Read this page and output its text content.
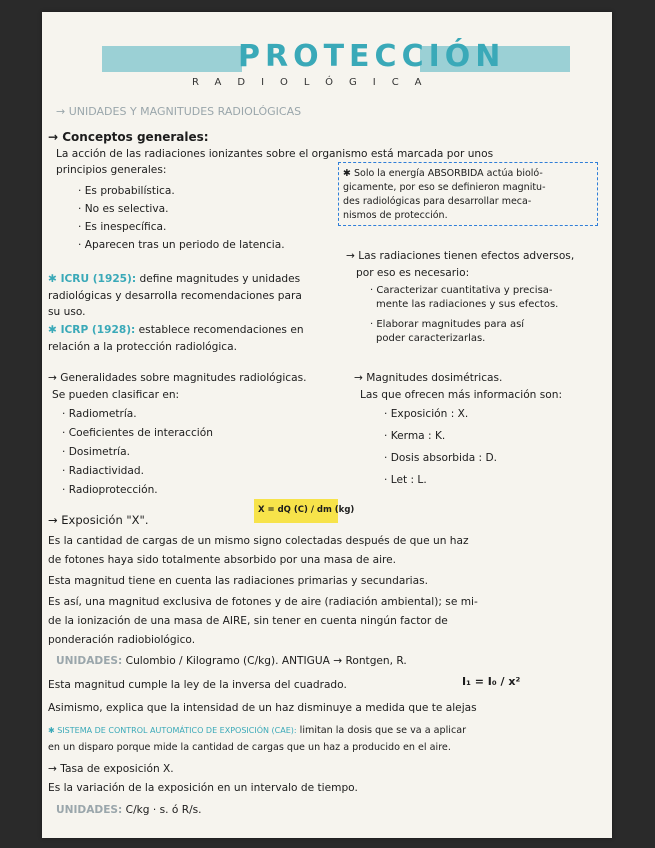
PROTECCIÓN
RADIOLÓGICA
→ UNIDADES Y MAGNITUDES RADIOLÓGICAS
→ Conceptos generales:
La acción de las radiaciones ionizantes sobre el organismo está marcada por unos
principios generales:
· Es probabilística.
· No es selectiva.
· Es inespecífica.
· Aparecen tras un periodo de latencia.
✱ Solo la energía ABSORBIDA actúa bioló-
gicamente, por eso se definieron magnitu-
des radiológicas para desarrollar meca-
nismos de protección.
→ Las radiaciones tienen efectos adversos,
por eso es necesario:
· Caracterizar cuantitativa y precisa-
mente las radiaciones y sus efectos.
· Elaborar magnitudes para así
poder caracterizarlas.
✱ ICRU (1925): define magnitudes y unidades
radiológicas y desarrolla recomendaciones para
su uso.
✱ ICRP (1928): establece recomendaciones en
relación a la protección radiológica.
→ Generalidades sobre magnitudes radiológicas.
Se pueden clasificar en:
· Radiometría.
· Coeficientes de interacción
· Dosimetría.
· Radiactividad.
· Radioprotección.
→ Magnitudes dosimétricas.
Las que ofrecen más información son:
· Exposición : X.
· Kerma : K.
· Dosis absorbida : D.
· Let : L.
→ Exposición "X".
X = dQ (C) / dm (kg)
Es la cantidad de cargas de un mismo signo colectadas después de que un haz
de fotones haya sido totalmente absorbido por una masa de aire.
Esta magnitud tiene en cuenta las radiaciones primarias y secundarias.
Es así, una magnitud exclusiva de fotones y de aire (radiación ambiental); se mi-
de la ionización de una masa de AIRE, sin tener en cuenta ningún factor de
ponderación radiobiológico.
UNIDADES: Culombio / Kilogramo (C/kg). ANTIGUA → Rontgen, R.
Esta magnitud cumple la ley de la inversa del cuadrado.	I₁ = I₀ / x²
Asimismo, explica que la intensidad de un haz disminuye a medida que te alejas
✱ SISTEMA DE CONTROL AUTOMÁTICO DE EXPOSICIÓN (CAE): limitan la dosis que se va a aplicar
en un disparo porque mide la cantidad de cargas que un haz a producido en el aire.
→ Tasa de exposición X.
Es la variación de la exposición en un intervalo de tiempo.
UNIDADES: C/kg · s. ó R/s.
